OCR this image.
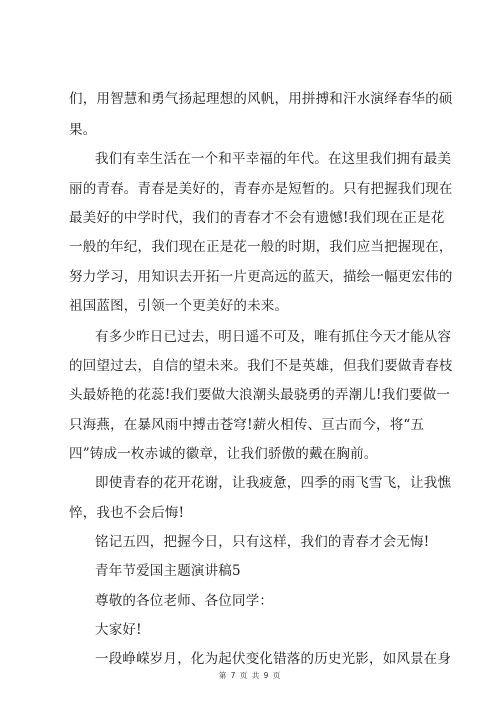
们，用智慧和勇气扬起理想的风帆，用拼搏和汗水演绎春华的硕
果。
我们有幸生活在一个和平幸福的年代。在这里我们拥有最美
丽的青春。青春是美好的，青春亦是短暂的。只有把握我们现在
最美好的中学时代，我们的青春才不会有遗憾!我们现在正是花
一般的年纪，我们现在正是花一般的时期，我们应当把握现在，
努力学习，用知识去开拓一片更高远的蓝天，描绘一幅更宏伟的
祖国蓝图，引领一个更美好的未来。
有多少昨日已过去，明日遥不可及，唯有抓住今天才能从容
的回望过去，自信的望未来。我们不是英雄，但我们要做青春枝
头最娇艳的花蕊!我们要做大浪潮头最骁勇的弄潮儿!我们要做一
只海燕，在暴风雨中搏击苍穹!薪火相传、亘古而今，将“五
四”铸成一枚赤诚的徽章，让我们骄傲的戴在胸前。
即使青春的花开花谢，让我疲惫，四季的雨飞雪飞，让我憔
悴，我也不会后悔!
铭记五四，把握今日，只有这样，我们的青春才会无悔!
青年节爱国主题演讲稿5
尊敬的各位老师、各位同学：
大家好!
一段峥嵘岁月，化为起伏变化错落的历史光影，如风景在身
第 7 页 共 9 页
